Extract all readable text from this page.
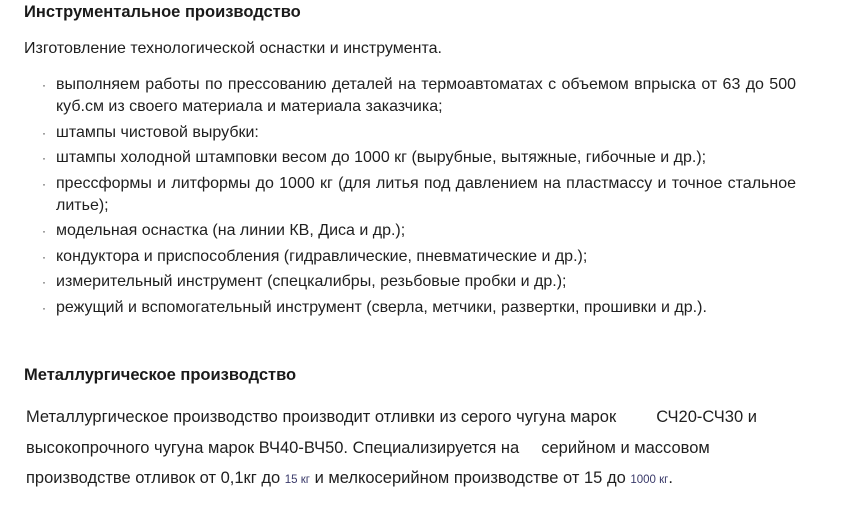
Инструментальное производство

Изготовление технологической оснастки и инструмента.

· выполняем работы по прессованию деталей на термоавтоматах с объемом впрыска от 63 до 500 куб.см из своего материала и материала заказчика;
· штампы чистовой вырубки:
· штампы холодной штамповки весом до 1000 кг (вырубные, вытяжные, гибочные и др.);
· прессформы и литформы до 1000 кг (для литья под давлением на пластмассу и точное стальное литье);
· модельная оснастка (на линии КВ, Диса и др.);
· кондуктора и приспособления (гидравлические, пневматические и др.);
· измерительный инструмент (спецкалибры, резьбовые пробки и др.);
· режущий и вспомогательный инструмент (сверла, метчики, развертки, прошивки и др.).
Металлургическое производство

Металлургическое производство производит отливки из серого чугуна марок СЧ20-СЧ30 и высокопрочного чугуна марок ВЧ40-ВЧ50. Специализируется на серийном и массовом производстве отливок от 0,1кг до 15 кг и мелкосерийном производстве от 15 до 1000 кг.
